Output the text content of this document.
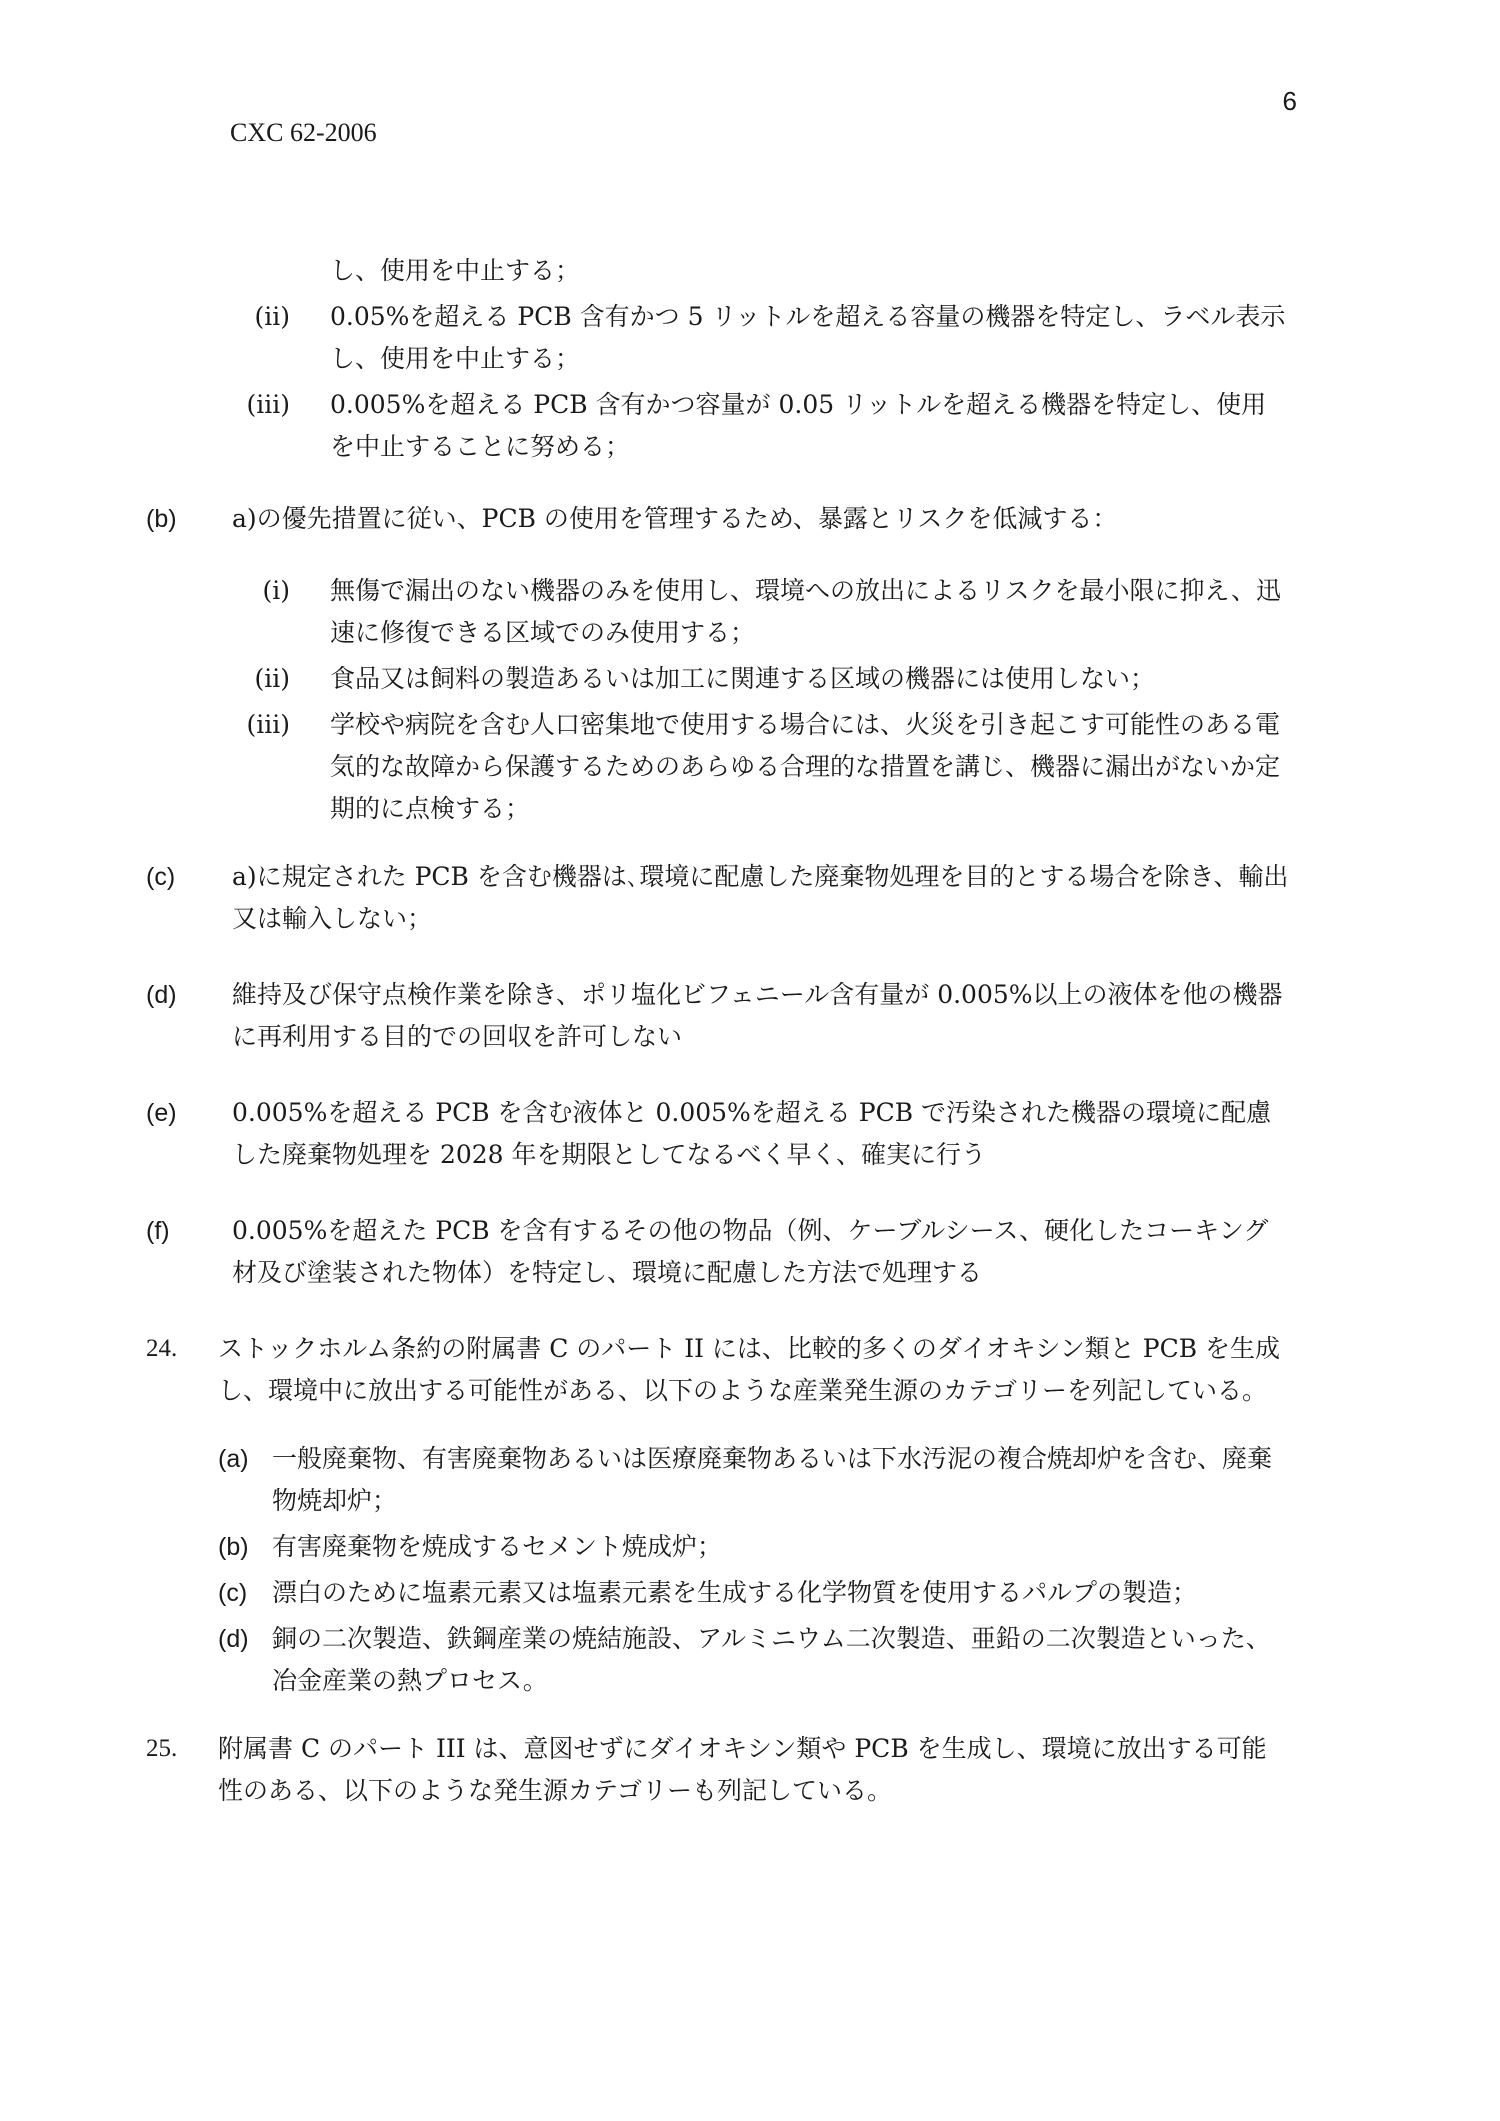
6
CXC 62-2006

し、使用を中止する；

(ii) 0.05%を超える PCB 含有かつ 5 リットルを超える容量の機器を特定し、ラベル表示し、使用を中止する；
(iii) 0.005%を超える PCB 含有かつ容量が 0.05 リットルを超える機器を特定し、使用を中止することに努める；
(b) a)の優先措置に従い、PCB の使用を管理するため、暴露とリスクを低減する：
(i) 無傷で漏出のない機器のみを使用し、環境への放出によるリスクを最小限に抑え、迅速に修復できる区域でのみ使用する；
(ii) 食品又は飼料の製造あるいは加工に関連する区域の機器には使用しない；
(iii) 学校や病院を含む人口密集地で使用する場合には、火災を引き起こす可能性のある電気的な故障から保護するためのあらゆる合理的な措置を講じ、機器に漏出がないか定期的に点検する；
(c) a)に規定された PCB を含む機器は､環境に配慮した廃棄物処理を目的とする場合を除き、輸出又は輸入しない；
(d) 維持及び保守点検作業を除き、ポリ塩化ビフェニール含有量が 0.005%以上の液体を他の機器に再利用する目的での回収を許可しない
(e) 0.005%を超える PCB を含む液体と 0.005%を超える PCB で汚染された機器の環境に配慮した廃棄物処理を 2028 年を期限としてなるべく早く、確実に行う
(f) 0.005%を超えた PCB を含有するその他の物品（例、ケーブルシース、硬化したコーキング材及び塗装された物体）を特定し、環境に配慮した方法で処理する
24. ストックホルム条約の附属書 C のパート II には、比較的多くのダイオキシン類と PCB を生成し、環境中に放出する可能性がある、以下のような産業発生源のカテゴリーを列記している。
(a) 一般廃棄物、有害廃棄物あるいは医療廃棄物あるいは下水汚泥の複合焼却炉を含む、廃棄物焼却炉；
(b) 有害廃棄物を焼成するセメント焼成炉；
(c) 漂白のために塩素元素又は塩素元素を生成する化学物質を使用するパルプの製造；
(d) 銅の二次製造、鉄鋼産業の焼結施設、アルミニウム二次製造、亜鉛の二次製造といった、冶金産業の熱プロセス。
25. 附属書 C のパート III は、意図せずにダイオキシン類や PCB を生成し、環境に放出する可能性のある、以下のような発生源カテゴリーも列記している。
